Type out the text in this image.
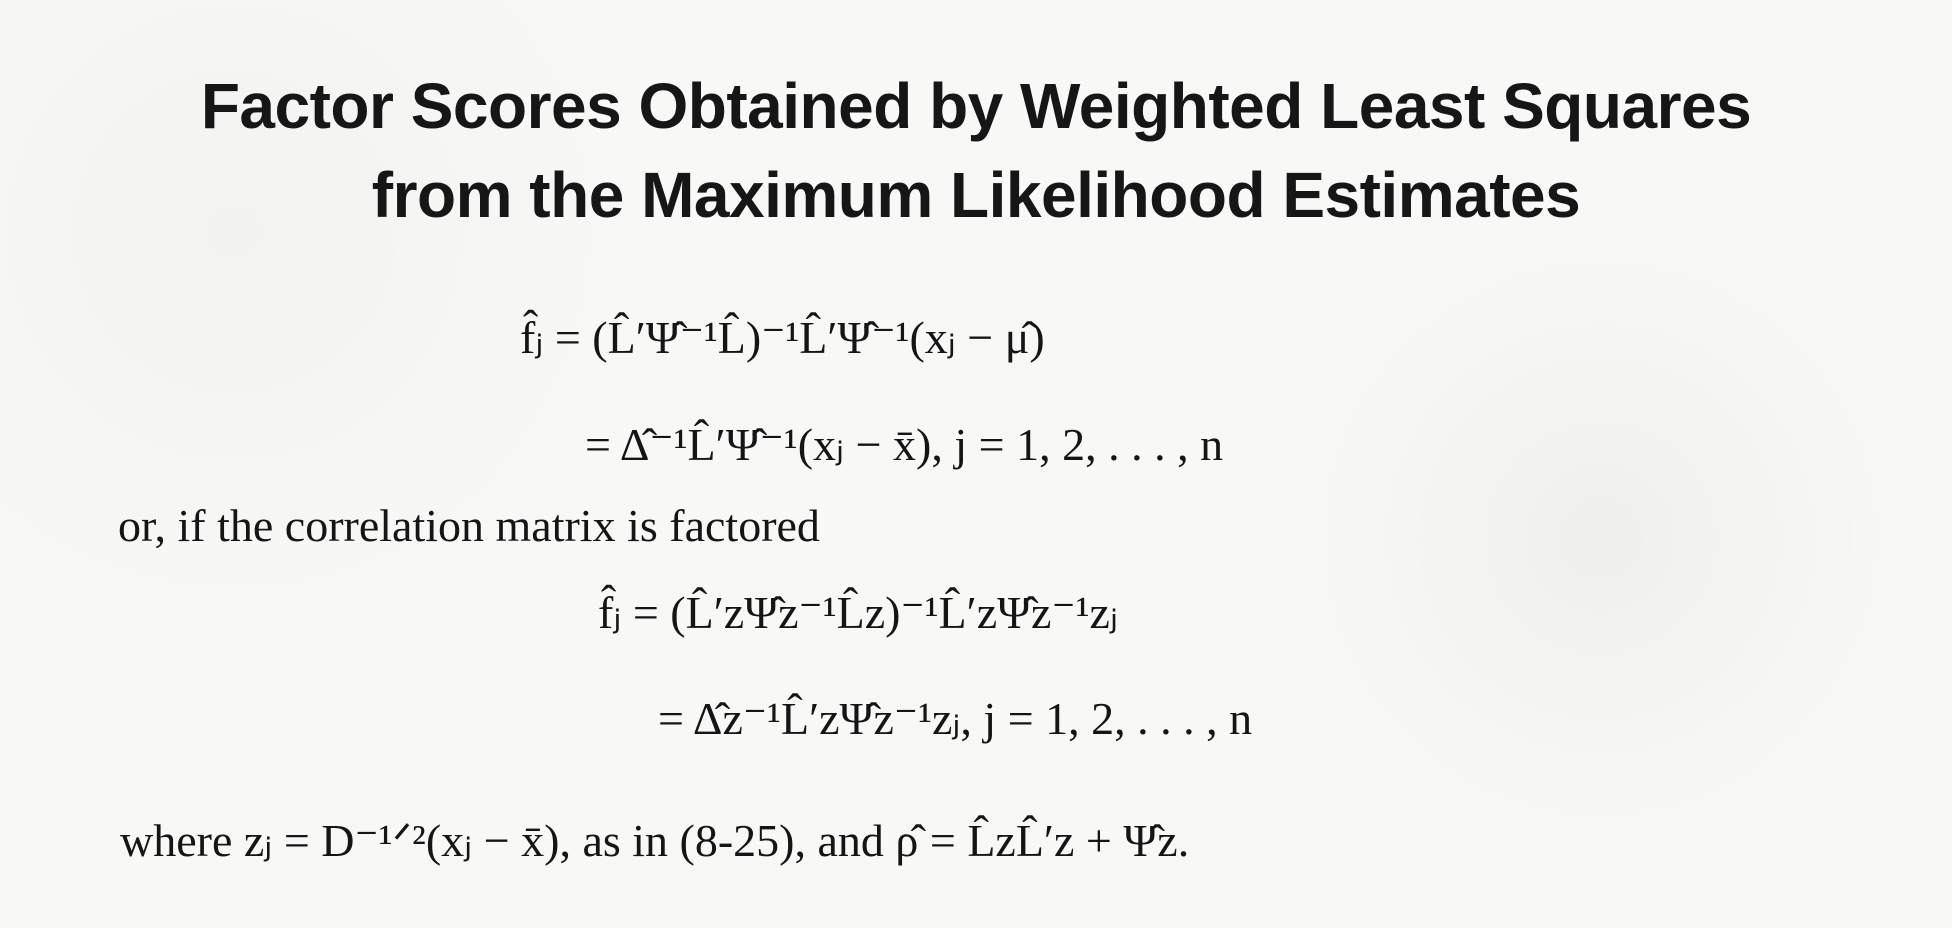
Factor Scores Obtained by Weighted Least Squares
from the Maximum Likelihood Estimates
f̂ⱼ = (L̂′Ψ̂⁻¹L̂)⁻¹L̂′Ψ̂⁻¹(xⱼ − μ̂)
= Δ̂⁻¹L̂′Ψ̂⁻¹(xⱼ − x̄), j = 1, 2, . . . , n
or, if the correlation matrix is factored
f̂ⱼ = (L̂′zΨ̂z⁻¹L̂z)⁻¹L̂′zΨ̂z⁻¹zⱼ
= Δ̂z⁻¹L̂′zΨ̂z⁻¹zⱼ, j = 1, 2, . . . , n
where zⱼ = D⁻¹ᐟ²(xⱼ − x̄), as in (8-25), and ρ̂ = L̂zL̂′z + Ψ̂z.
